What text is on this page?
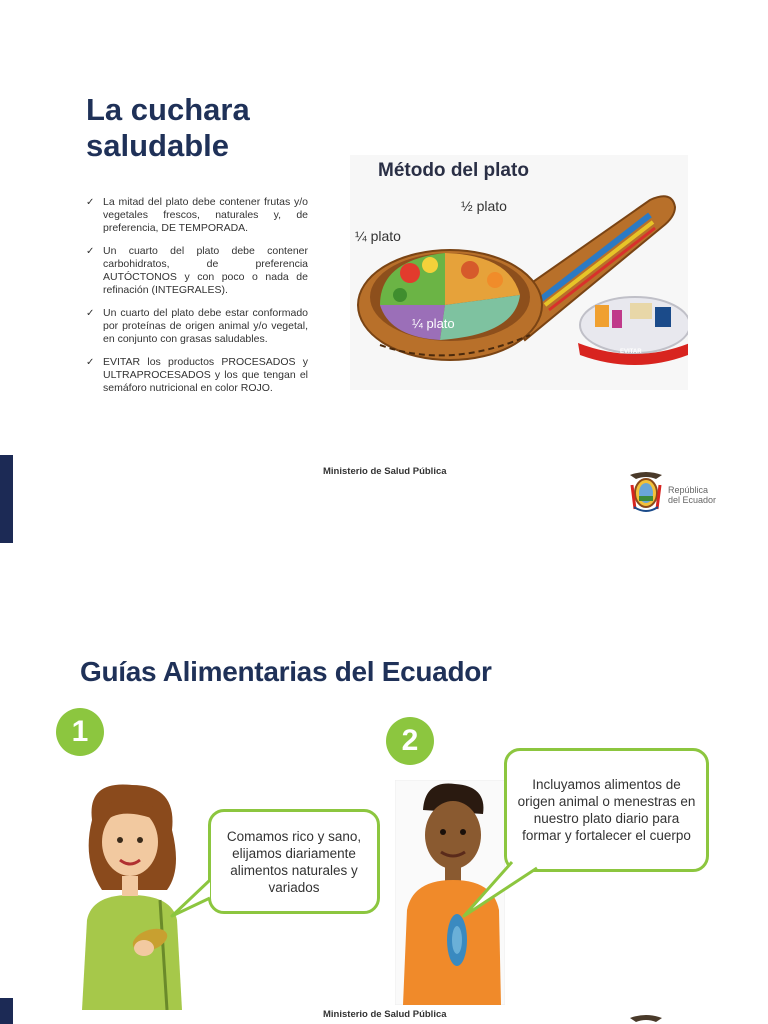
La cuchara
saludable
✓ La mitad del plato debe contener frutas y/o vegetales frescos, naturales y, de preferencia, DE TEMPORADA.
✓ Un cuarto del plato debe contener carbohidratos, de preferencia AUTÓCTONOS y con poco o nada de refinación (INTEGRALES).
✓ Un cuarto del plato debe estar conformado por proteínas de origen animal y/o vegetal, en conjunto con grasas saludables.
✓ EVITAR los productos PROCESADOS y ULTRAPROCESADOS y los que tengan el semáforo nutricional en color ROJO.
Método del plato
½ plato
¼ plato
¼ plato
EVITAR
Ministerio de Salud Pública
República
del Ecuador
Guías Alimentarias del Ecuador
1	2
Comamos rico y sano, elijamos diariamente alimentos naturales y variados
Incluyamos alimentos de origen animal o menestras en nuestro plato diario para formar y fortalecer el cuerpo
Ministerio de Salud Pública
